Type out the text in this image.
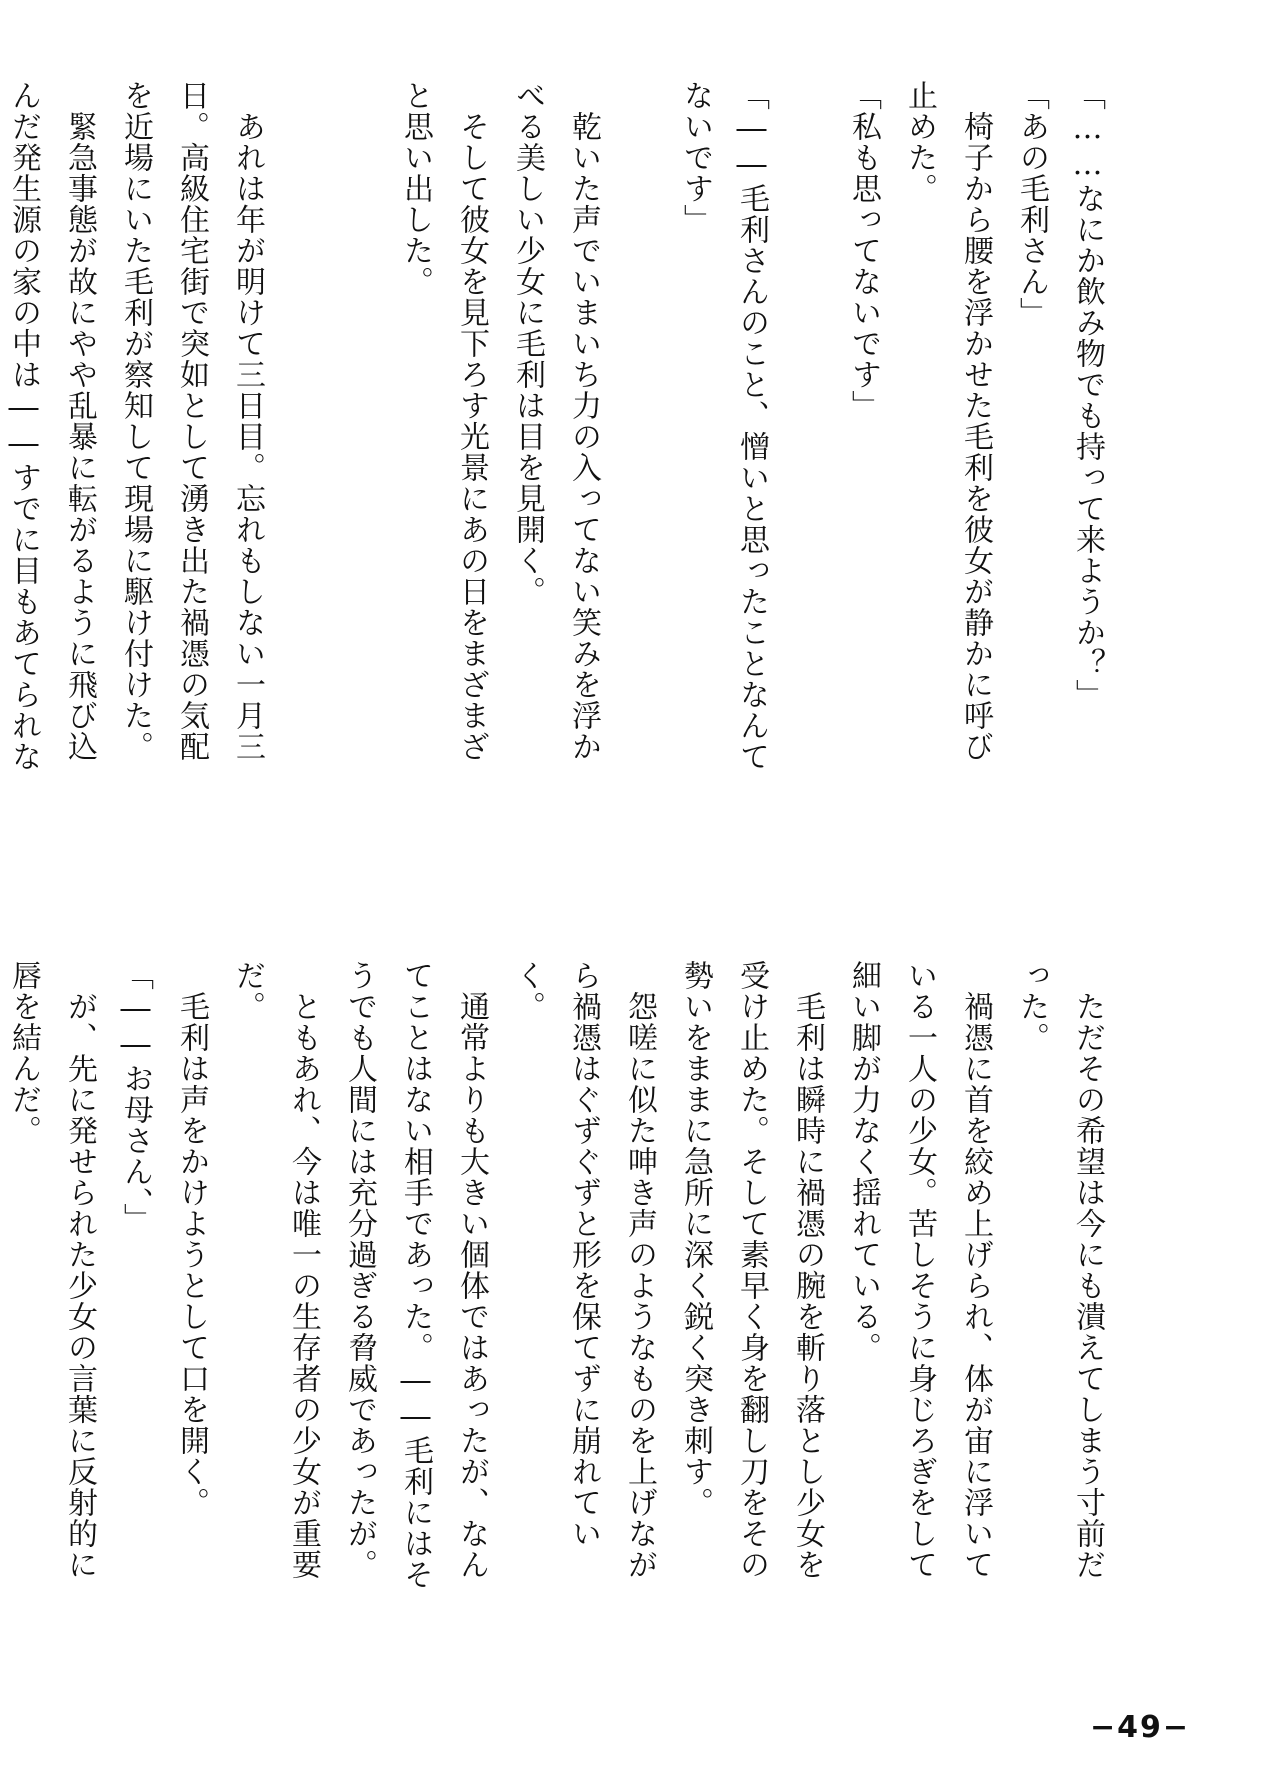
「……なにか飲み物でも持って来ようか？」

「あの毛利さん」

　椅子から腰を浮かせた毛利を彼女が静かに呼び止めた。

「私も思ってないです」

「――毛利さんのこと、憎いと思ったことなんてないです」

　乾いた声でいまいち力の入ってない笑みを浮かべる美しい少女に毛利は目を見開く。

　そして彼女を見下ろす光景にあの日をまざまざと思い出した。

　あれは年が明けて三日目。忘れもしない一月三日。高級住宅街で突如として湧き出た禍憑の気配を近場にいた毛利が察知して現場に駆け付けた。

　緊急事態が故にやや乱暴に転がるように飛び込んだ発生源の家の中は――すでに目もあてられな

　ただその希望は今にも潰えてしまう寸前だった。

　禍憑に首を絞め上げられ、体が宙に浮いている一人の少女。苦しそうに身じろぎをして細い脚が力なく揺れている。

　毛利は瞬時に禍憑の腕を斬り落とし少女を受け止めた。そして素早く身を翻し刀をその勢いをままに急所に深く鋭く突き刺す。

　怨嗟に似た呻き声のようなものを上げながら禍憑はぐずぐずと形を保てずに崩れていく。

　通常よりも大きい個体ではあったが、なんてことはない相手であった。――毛利にはそうでも人間には充分過ぎる脅威であったが。

　ともあれ、今は唯一の生存者の少女が重要だ。

　毛利は声をかけようとして口を開く。

「――お母さん、」

　が、先に発せられた少女の言葉に反射的に唇を結んだ。

−49−
